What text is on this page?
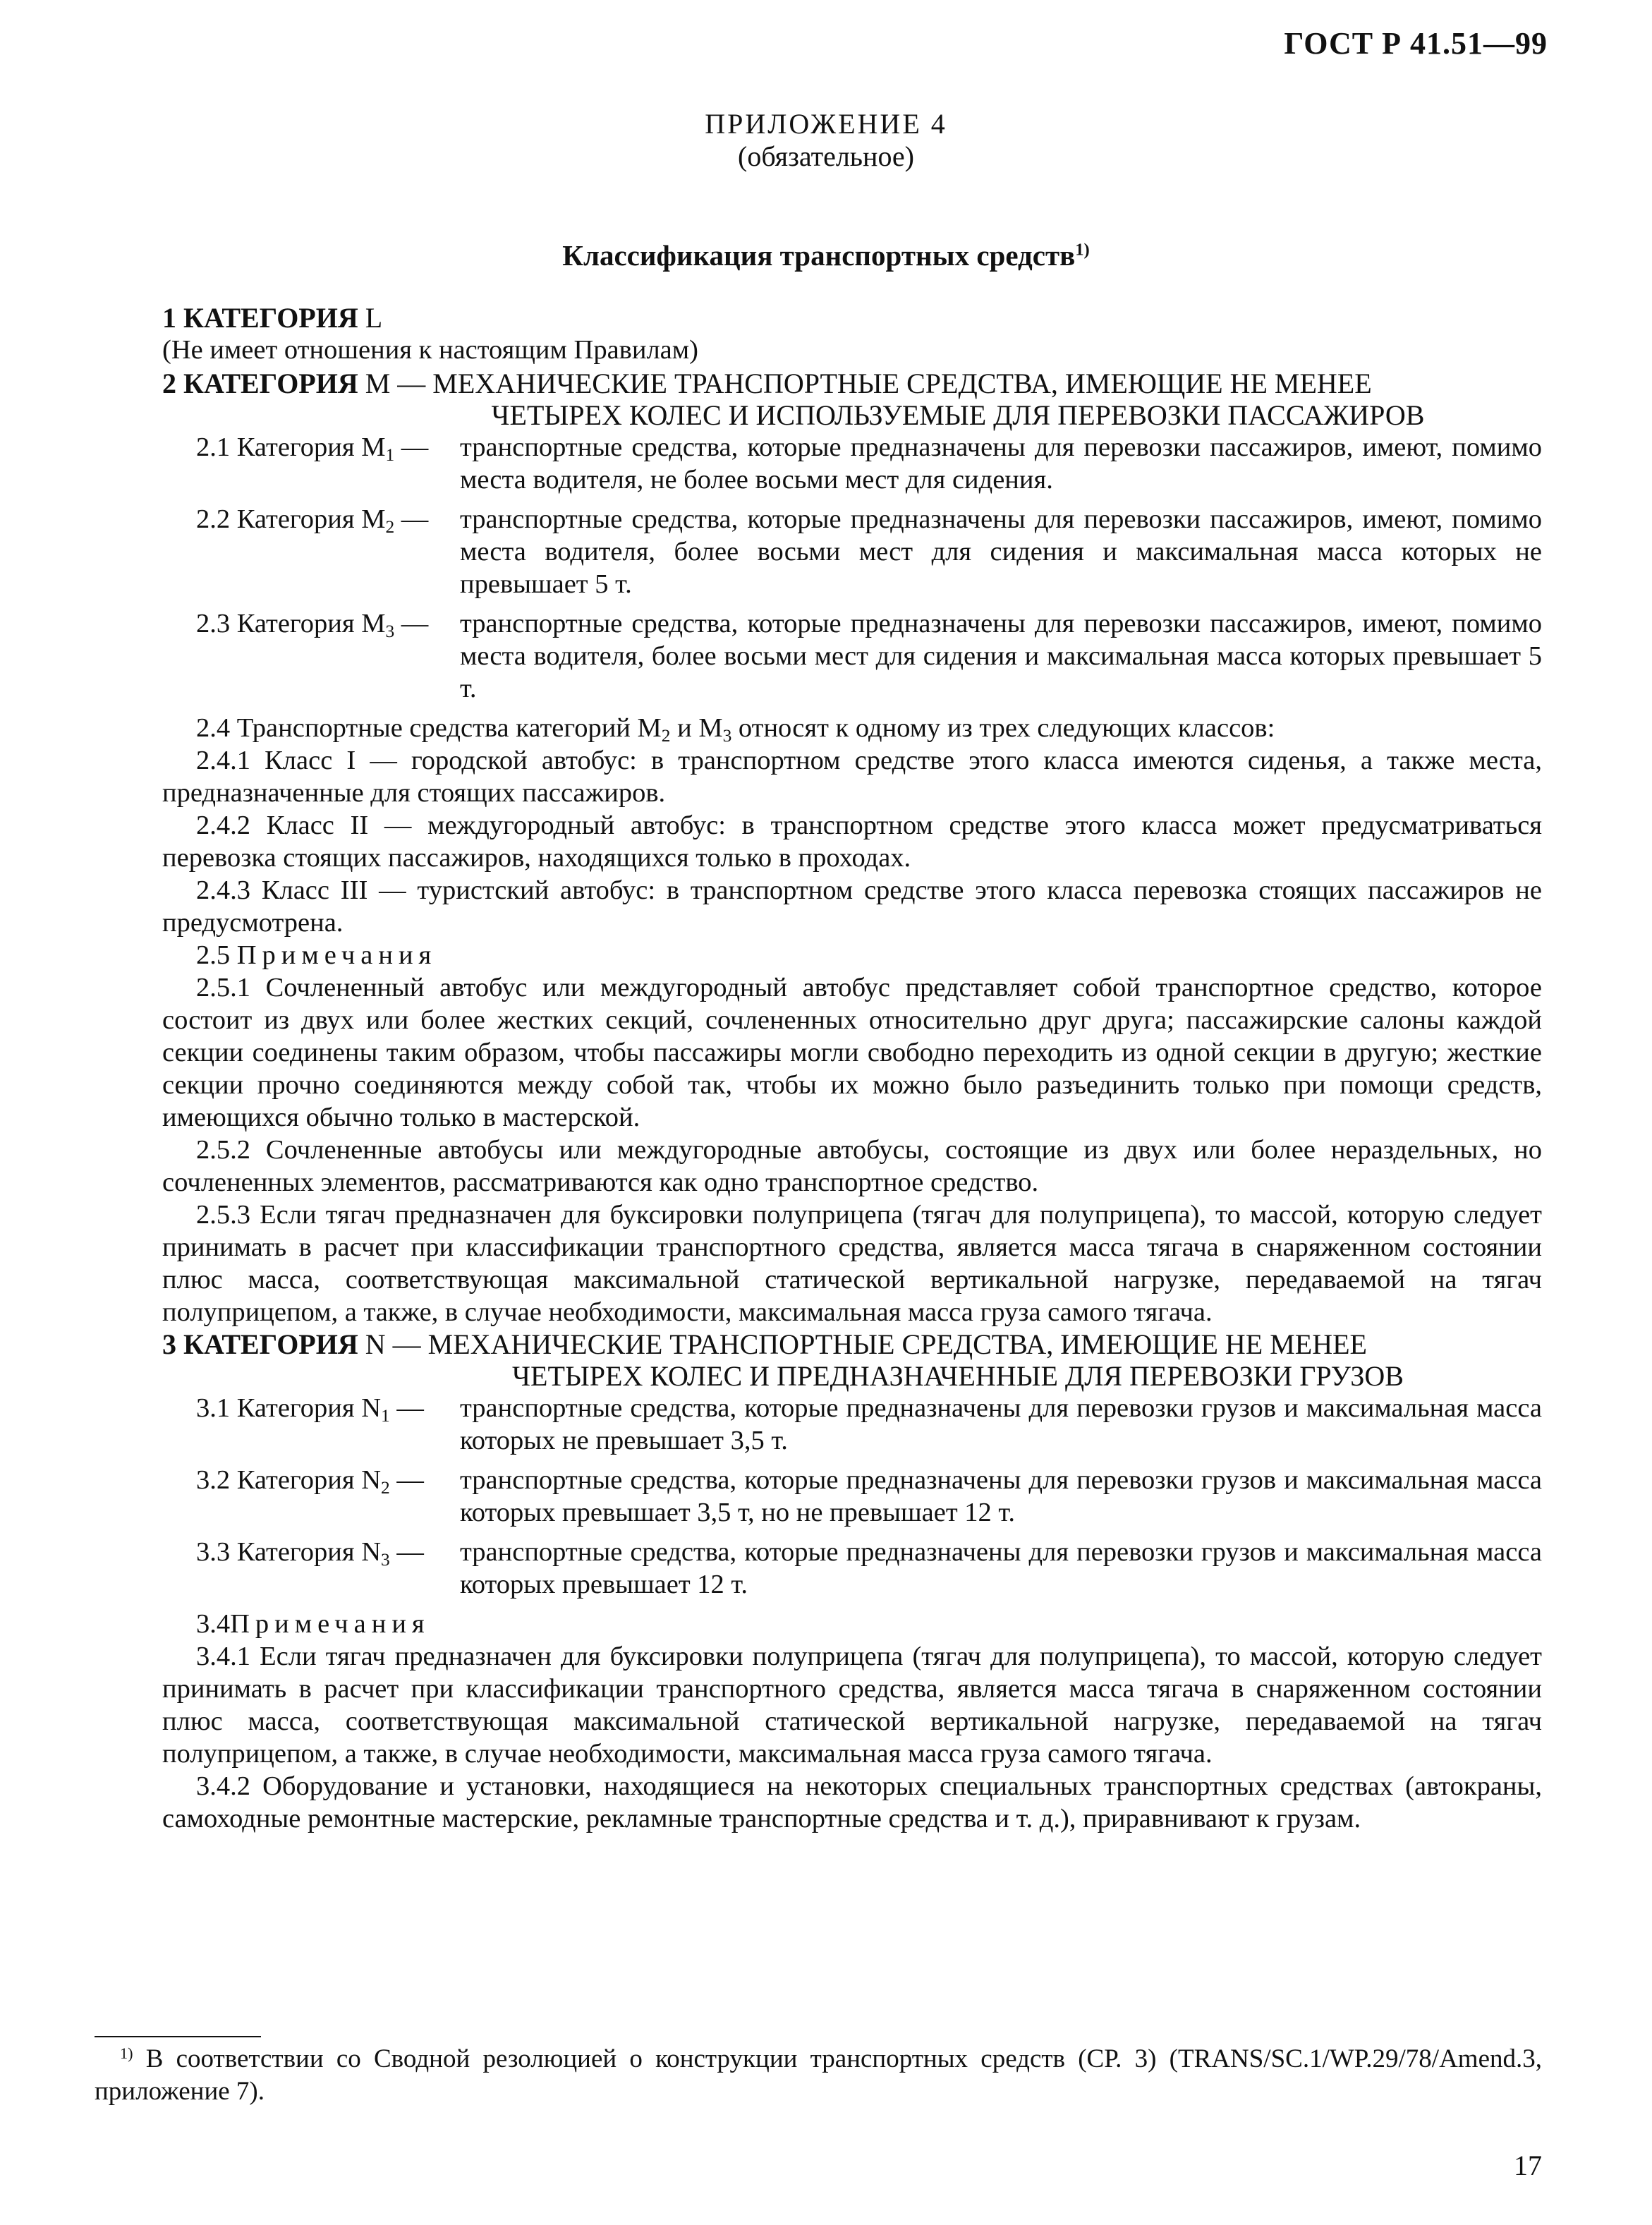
ГОСТ Р 41.51—99
ПРИЛОЖЕНИЕ 4
(обязательное)
Классификация транспортных средств$^{1)}$

1 КАТЕГОРИЯ L

(Не имеет отношения к настоящим Правилам)

2 КАТЕГОРИЯ М — МЕХАНИЧЕСКИЕ ТРАНСПОРТНЫЕ СРЕДСТВА, ИМЕЮЩИЕ НЕ МЕНЕЕ
ЧЕТЫРЕХ КОЛЕС И ИСПОЛЬЗУЕМЫЕ ДЛЯ ПЕРЕВОЗКИ ПАССАЖИРОВ

2.1 Категория $М_1$ —	транспортные средства, которые предназначены для перевозки пассажиров, имеют, помимо места водителя, не более восьми мест для сидения.
2.2 Категория $М_2$ —	транспортные средства, которые предназначены для перевозки пассажиров, имеют, помимо места водителя, более восьми мест для сидения и максимальная масса которых не превышает 5 т.
2.3 Категория $М_3$ —	транспортные средства, которые предназначены для перевозки пассажиров, имеют, помимо места водителя, более восьми мест для сидения и максимальная масса которых превышает 5 т.

2.4 Транспортные средства категорий $М_2$ и $М_3$ относят к одному из трех следующих классов:

2.4.1 Класс I — городской автобус: в транспортном средстве этого класса имеются сиденья, а также места, предназначенные для стоящих пассажиров.

2.4.2 Класс II — междугородный автобус: в транспортном средстве этого класса может предусматриваться перевозка стоящих пассажиров, находящихся только в проходах.

2.4.3 Класс III — туристский автобус: в транспортном средстве этого класса перевозка стоящих пассажиров не предусмотрена.

2.5 Примечания

2.5.1 Сочлененный автобус или междугородный автобус представляет собой транспортное средство, которое состоит из двух или более жестких секций, сочлененных относительно друг друга; пассажирские салоны каждой секции соединены таким образом, чтобы пассажиры могли свободно переходить из одной секции в другую; жесткие секции прочно соединяются между собой так, чтобы их можно было разъединить только при помощи средств, имеющихся обычно только в мастерской.

2.5.2 Сочлененные автобусы или междугородные автобусы, состоящие из двух или более нераздельных, но сочлененных элементов, рассматриваются как одно транспортное средство.

2.5.3 Если тягач предназначен для буксировки полуприцепа (тягач для полуприцепа), то массой, которую следует принимать в расчет при классификации транспортного средства, является масса тягача в снаряженном состоянии плюс масса, соответствующая максимальной статической вертикальной нагрузке, передаваемой на тягач полуприцепом, а также, в случае необходимости, максимальная масса груза самого тягача.

3 КАТЕГОРИЯ N — МЕХАНИЧЕСКИЕ ТРАНСПОРТНЫЕ СРЕДСТВА, ИМЕЮЩИЕ НЕ МЕНЕЕ
ЧЕТЫРЕХ КОЛЕС И ПРЕДНАЗНАЧЕННЫЕ ДЛЯ ПЕРЕВОЗКИ ГРУЗОВ

3.1 Категория $N_1$ —	транспортные средства, которые предназначены для перевозки грузов и максимальная масса которых не превышает 3,5 т.
3.2 Категория $N_2$ —	транспортные средства, которые предназначены для перевозки грузов и максимальная масса которых превышает 3,5 т, но не превышает 12 т.
3.3 Категория $N_3$ —	транспортные средства, которые предназначены для перевозки грузов и максимальная масса которых превышает 12 т.

3.4Примечания

3.4.1 Если тягач предназначен для буксировки полуприцепа (тягач для полуприцепа), то массой, которую следует принимать в расчет при классификации транспортного средства, является масса тягача в снаряженном состоянии плюс масса, соответствующая максимальной статической вертикальной нагрузке, передаваемой на тягач полуприцепом, а также, в случае необходимости, максимальная масса груза самого тягача.

3.4.2 Оборудование и установки, находящиеся на некоторых специальных транспортных средствах (автокраны, самоходные ремонтные мастерские, рекламные транспортные средства и т. д.), приравнивают к грузам.

$^{1)}$ В соответствии со Сводной резолюцией о конструкции транспортных средств (СР. 3) (TRANS/SC.1/WP.29/78/Amend.3, приложение 7).
17
